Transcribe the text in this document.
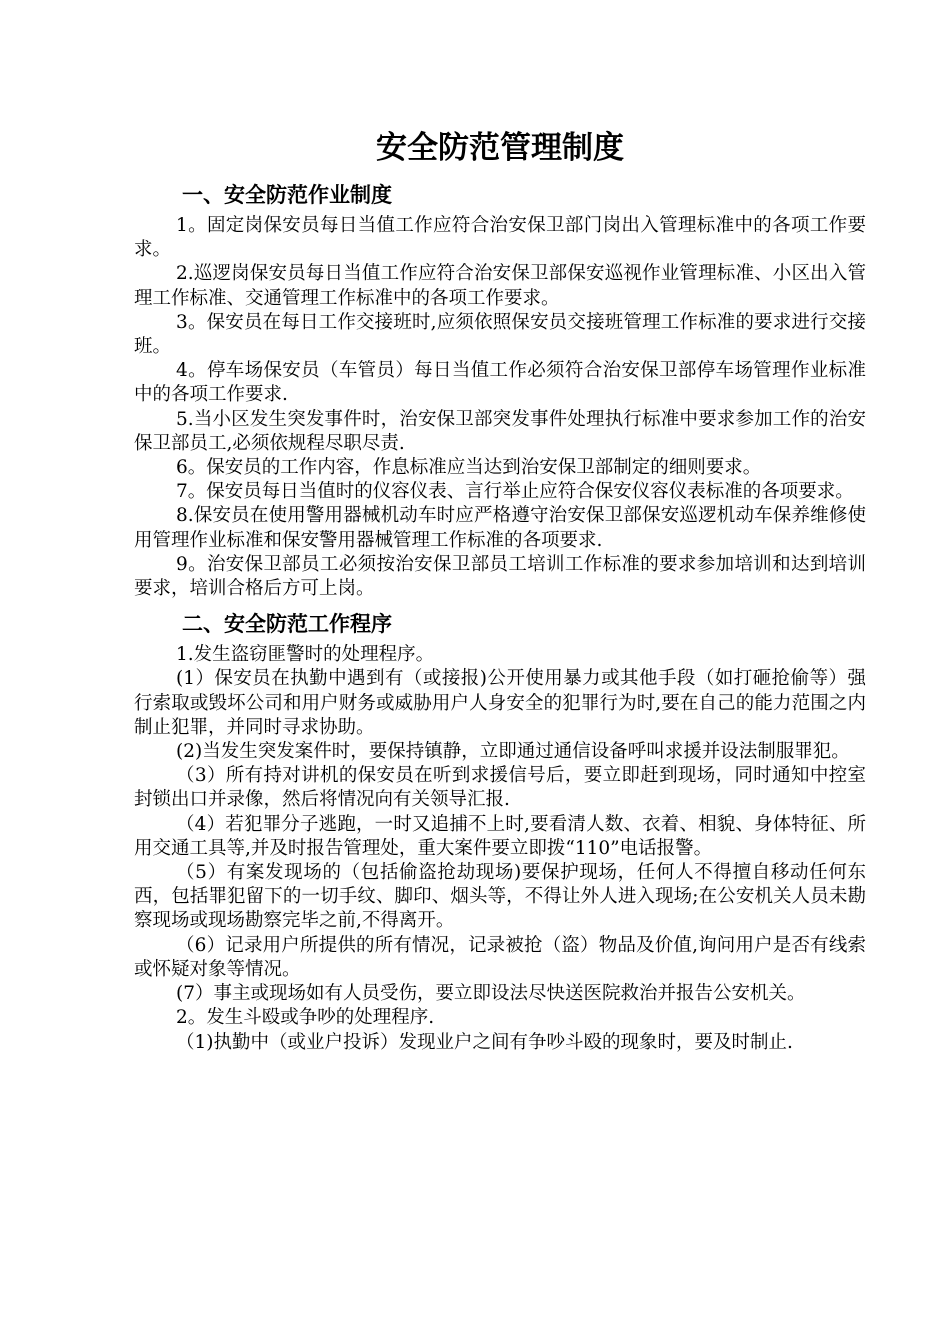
安全防范管理制度
一、安全防范作业制度

1。固定岗保安员每日当值工作应符合治安保卫部门岗出入管理标准中的各项工作要求。

2.巡逻岗保安员每日当值工作应符合治安保卫部保安巡视作业管理标准、小区出入管理工作标准、交通管理工作标准中的各项工作要求。

3。保安员在每日工作交接班时,应须依照保安员交接班管理工作标准的要求进行交接班。

4。停车场保安员（车管员）每日当值工作必须符合治安保卫部停车场管理作业标准中的各项工作要求.

5.当小区发生突发事件时，治安保卫部突发事件处理执行标准中要求参加工作的治安保卫部员工,必须依规程尽职尽责.

6。保安员的工作内容，作息标准应当达到治安保卫部制定的细则要求。

7。保安员每日当值时的仪容仪表、言行举止应符合保安仪容仪表标准的各项要求。

8.保安员在使用警用器械机动车时应严格遵守治安保卫部保安巡逻机动车保养维修使用管理作业标准和保安警用器械管理工作标准的各项要求.

9。治安保卫部员工必须按治安保卫部员工培训工作标准的要求参加培训和达到培训要求，培训合格后方可上岗。

二、安全防范工作程序

1.发生盗窃匪警时的处理程序。

(1）保安员在执勤中遇到有（或接报)公开使用暴力或其他手段（如打砸抢偷等）强行索取或毁坏公司和用户财务或威胁用户人身安全的犯罪行为时,要在自己的能力范围之内制止犯罪，并同时寻求协助。

(2)当发生突发案件时，要保持镇静，立即通过通信设备呼叫求援并设法制服罪犯。

（3）所有持对讲机的保安员在听到求援信号后，要立即赶到现场，同时通知中控室封锁出口并录像，然后将情况向有关领导汇报.

（4）若犯罪分子逃跑，一时又追捕不上时,要看清人数、衣着、相貌、身体特征、所用交通工具等,并及时报告管理处，重大案件要立即拨“110”电话报警。

（5）有案发现场的（包括偷盗抢劫现场)要保护现场，任何人不得擅自移动任何东西，包括罪犯留下的一切手纹、脚印、烟头等，不得让外人进入现场;在公安机关人员未勘察现场或现场勘察完毕之前,不得离开。

（6）记录用户所提供的所有情况，记录被抢（盗）物品及价值,询问用户是否有线索或怀疑对象等情况。

(7）事主或现场如有人员受伤，要立即设法尽快送医院救治并报告公安机关。

2。发生斗殴或争吵的处理程序.

（1)执勤中（或业户投诉）发现业户之间有争吵斗殴的现象时，要及时制止.
